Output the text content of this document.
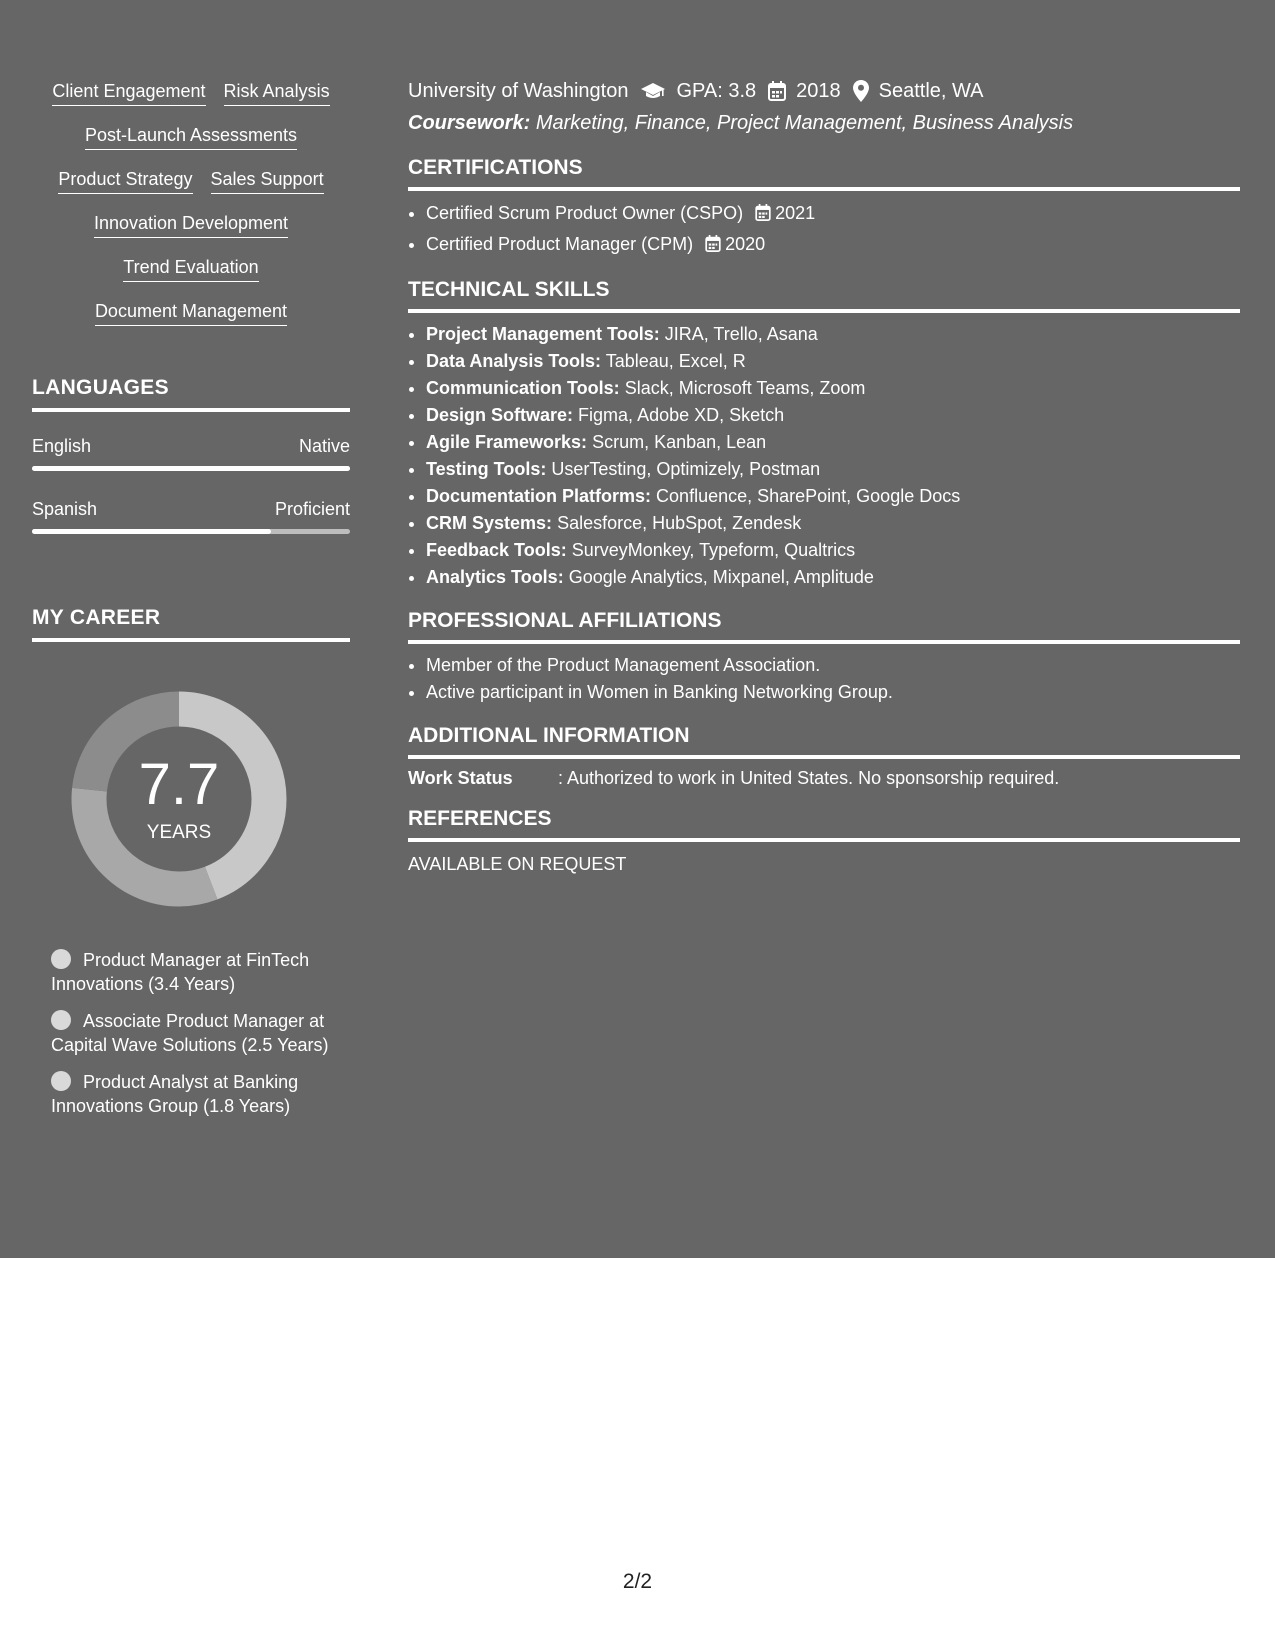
Client Engagement Risk Analysis
Post-Launch Assessments
Product Strategy Sales Support
Innovation Development
Trend Evaluation
Document Management
LANGUAGES
English	Native
Spanish	Proficient
MY CAREER
7.7
YEARS
Product Manager at FinTech Innovations (3.4 Years)
Associate Product Manager at Capital Wave Solutions (2.5 Years)
Product Analyst at Banking Innovations Group (1.8 Years)
University of Washington GPA: 3.8 2018 Seattle, WA
Coursework: Marketing, Finance, Project Management, Business Analysis
CERTIFICATIONS
• Certified Scrum Product Owner (CSPO) 2021
• Certified Product Manager (CPM) 2020
TECHNICAL SKILLS
• Project Management Tools: JIRA, Trello, Asana
• Data Analysis Tools: Tableau, Excel, R
• Communication Tools: Slack, Microsoft Teams, Zoom
• Design Software: Figma, Adobe XD, Sketch
• Agile Frameworks: Scrum, Kanban, Lean
• Testing Tools: UserTesting, Optimizely, Postman
• Documentation Platforms: Confluence, SharePoint, Google Docs
• CRM Systems: Salesforce, HubSpot, Zendesk
• Feedback Tools: SurveyMonkey, Typeform, Qualtrics
• Analytics Tools: Google Analytics, Mixpanel, Amplitude
PROFESSIONAL AFFILIATIONS
• Member of the Product Management Association.
• Active participant in Women in Banking Networking Group.
ADDITIONAL INFORMATION
Work Status	: Authorized to work in United States. No sponsorship required.
REFERENCES
AVAILABLE ON REQUEST
2/2
